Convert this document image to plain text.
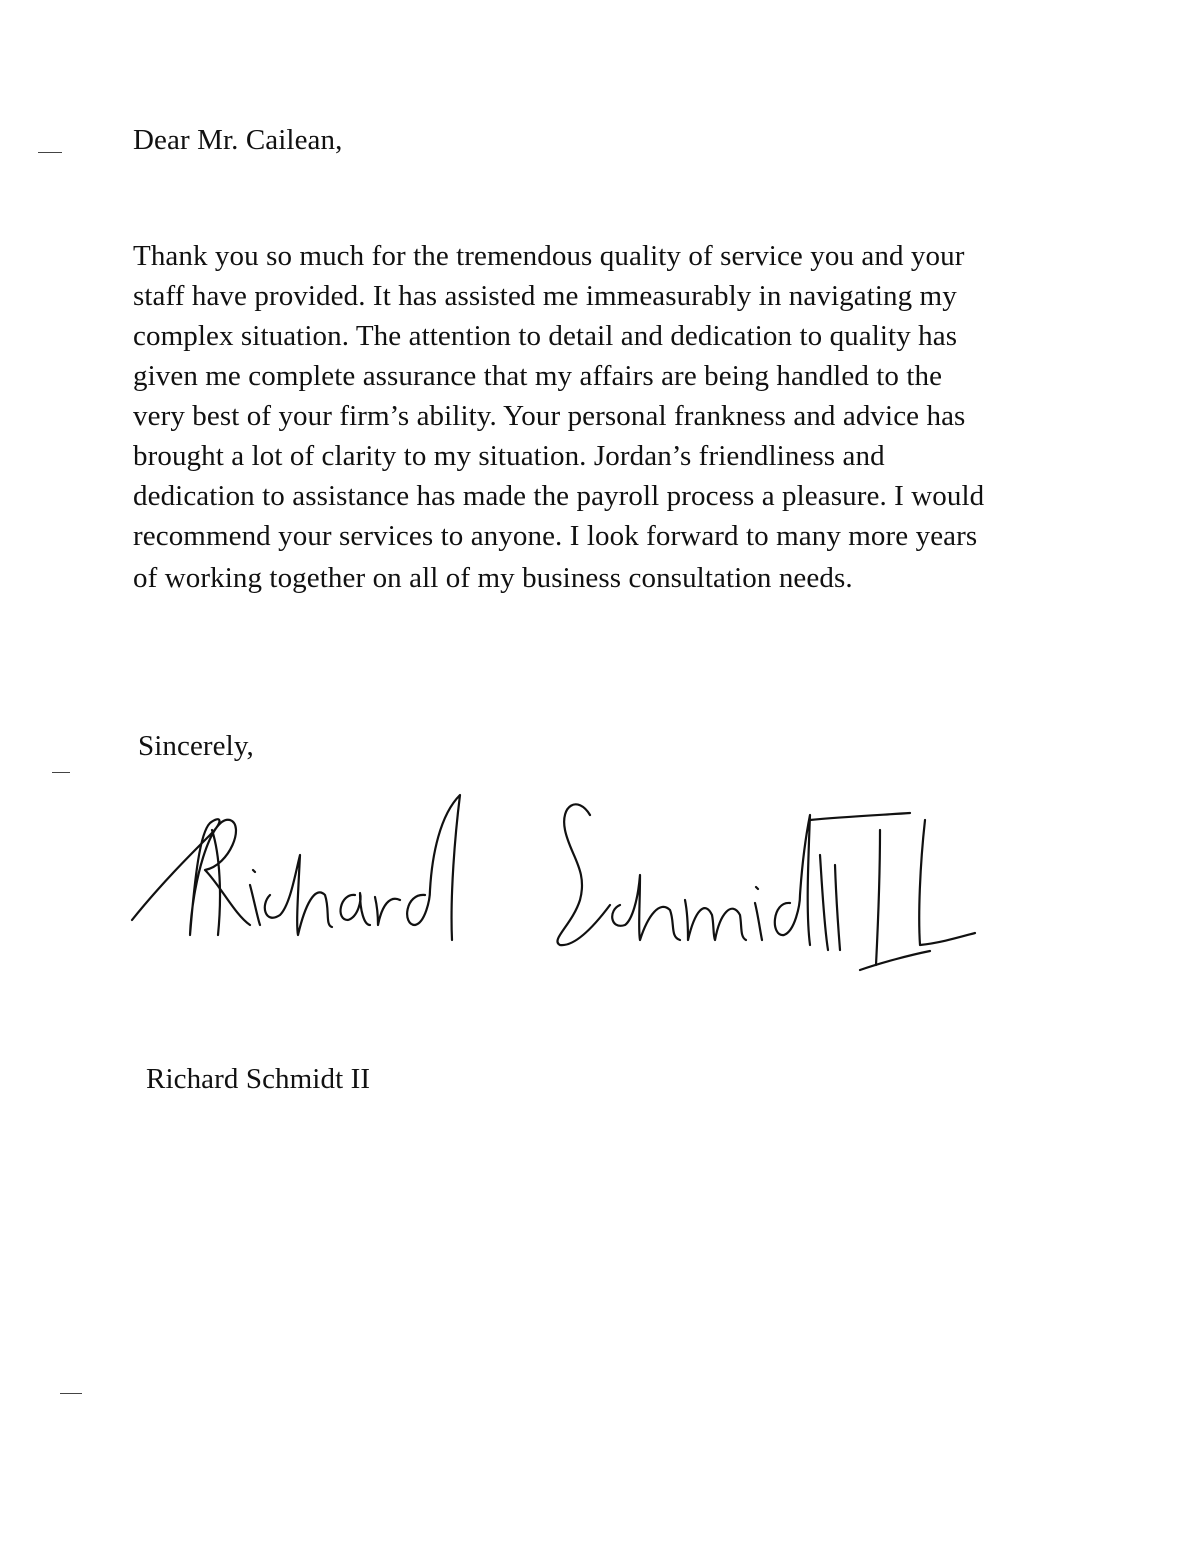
Dear Mr. Cailean,
Thank you so much for the tremendous quality of service you and your
staff have provided. It has assisted me immeasurably in navigating my
complex situation. The attention to detail and dedication to quality has
given me complete assurance that my affairs are being handled to the
very best of your firm’s ability. Your personal frankness and advice has
brought a lot of clarity to my situation. Jordan’s friendliness and
dedication to assistance has made the payroll process a pleasure. I would
recommend your services to anyone. I look forward to many more years
of working together on all of my business consultation needs.
Sincerely,
Richard Schmidt II
